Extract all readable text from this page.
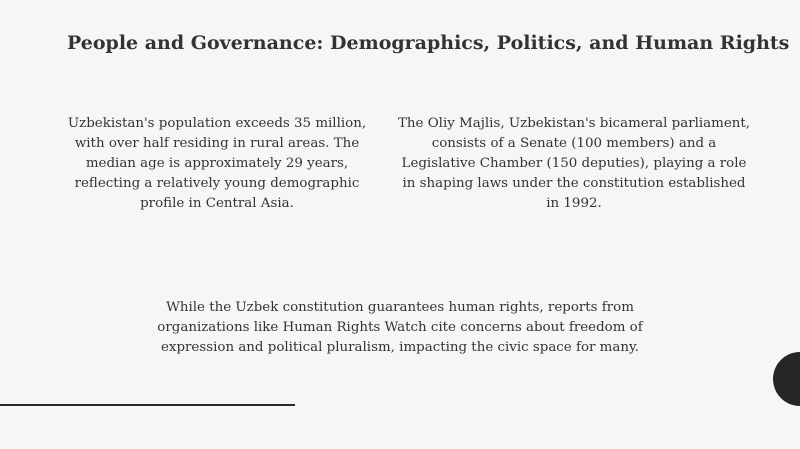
People and Governance: Demographics, Politics, and Human Rights

Uzbekistan's population exceeds 35 million, with over half residing in rural areas. The median age is approximately 29 years, reflecting a relatively young demographic profile in Central Asia.

The Oliy Majlis, Uzbekistan's bicameral parliament, consists of a Senate (100 members) and a Legislative Chamber (150 deputies), playing a role in shaping laws under the constitution established in 1992.

While the Uzbek constitution guarantees human rights, reports from organizations like Human Rights Watch cite concerns about freedom of expression and political pluralism, impacting the civic space for many.
